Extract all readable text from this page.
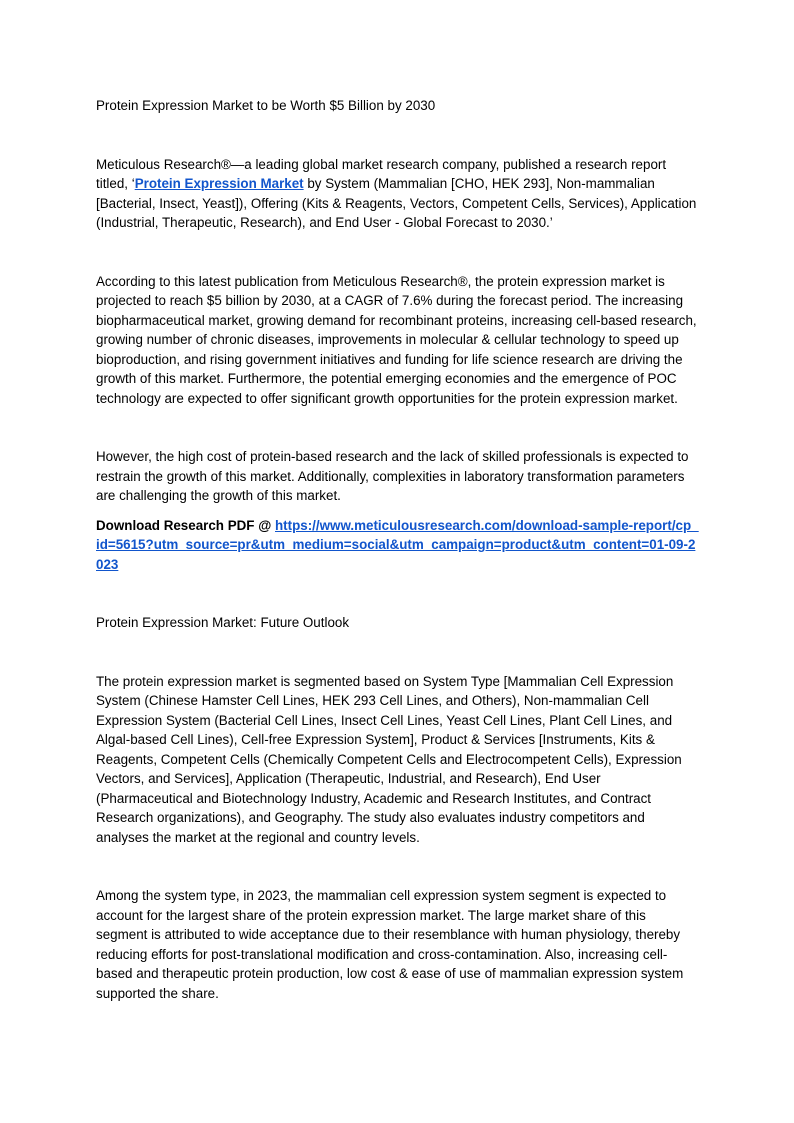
Protein Expression Market to be Worth $5 Billion by 2030

Meticulous Research®—a leading global market research company, published a research report titled, ‘Protein Expression Market by System (Mammalian [CHO, HEK 293], Non-mammalian [Bacterial, Insect, Yeast]), Offering (Kits & Reagents, Vectors, Competent Cells, Services), Application (Industrial, Therapeutic, Research), and End User - Global Forecast to 2030.’

According to this latest publication from Meticulous Research®, the protein expression market is projected to reach $5 billion by 2030, at a CAGR of 7.6% during the forecast period. The increasing biopharmaceutical market, growing demand for recombinant proteins, increasing cell-based research, growing number of chronic diseases, improvements in molecular & cellular technology to speed up bioproduction, and rising government initiatives and funding for life science research are driving the growth of this market. Furthermore, the potential emerging economies and the emergence of POC technology are expected to offer significant growth opportunities for the protein expression market.

However, the high cost of protein-based research and the lack of skilled professionals is expected to restrain the growth of this market. Additionally, complexities in laboratory transformation parameters are challenging the growth of this market.

Download Research PDF @ https://www.meticulousresearch.com/download-sample-report/cp_id=5615?utm_source=pr&utm_medium=social&utm_campaign=product&utm_content=01-09-2023

Protein Expression Market: Future Outlook

The protein expression market is segmented based on System Type [Mammalian Cell Expression System (Chinese Hamster Cell Lines, HEK 293 Cell Lines, and Others), Non-mammalian Cell Expression System (Bacterial Cell Lines, Insect Cell Lines, Yeast Cell Lines, Plant Cell Lines, and Algal-based Cell Lines), Cell-free Expression System], Product & Services [Instruments, Kits & Reagents, Competent Cells (Chemically Competent Cells and Electrocompetent Cells), Expression Vectors, and Services], Application (Therapeutic, Industrial, and Research), End User (Pharmaceutical and Biotechnology Industry, Academic and Research Institutes, and Contract Research organizations), and Geography. The study also evaluates industry competitors and analyses the market at the regional and country levels.

Among the system type, in 2023, the mammalian cell expression system segment is expected to account for the largest share of the protein expression market. The large market share of this segment is attributed to wide acceptance due to their resemblance with human physiology, thereby reducing efforts for post-translational modification and cross-contamination. Also, increasing cell-based and therapeutic protein production, low cost & ease of use of mammalian expression system supported the share.
